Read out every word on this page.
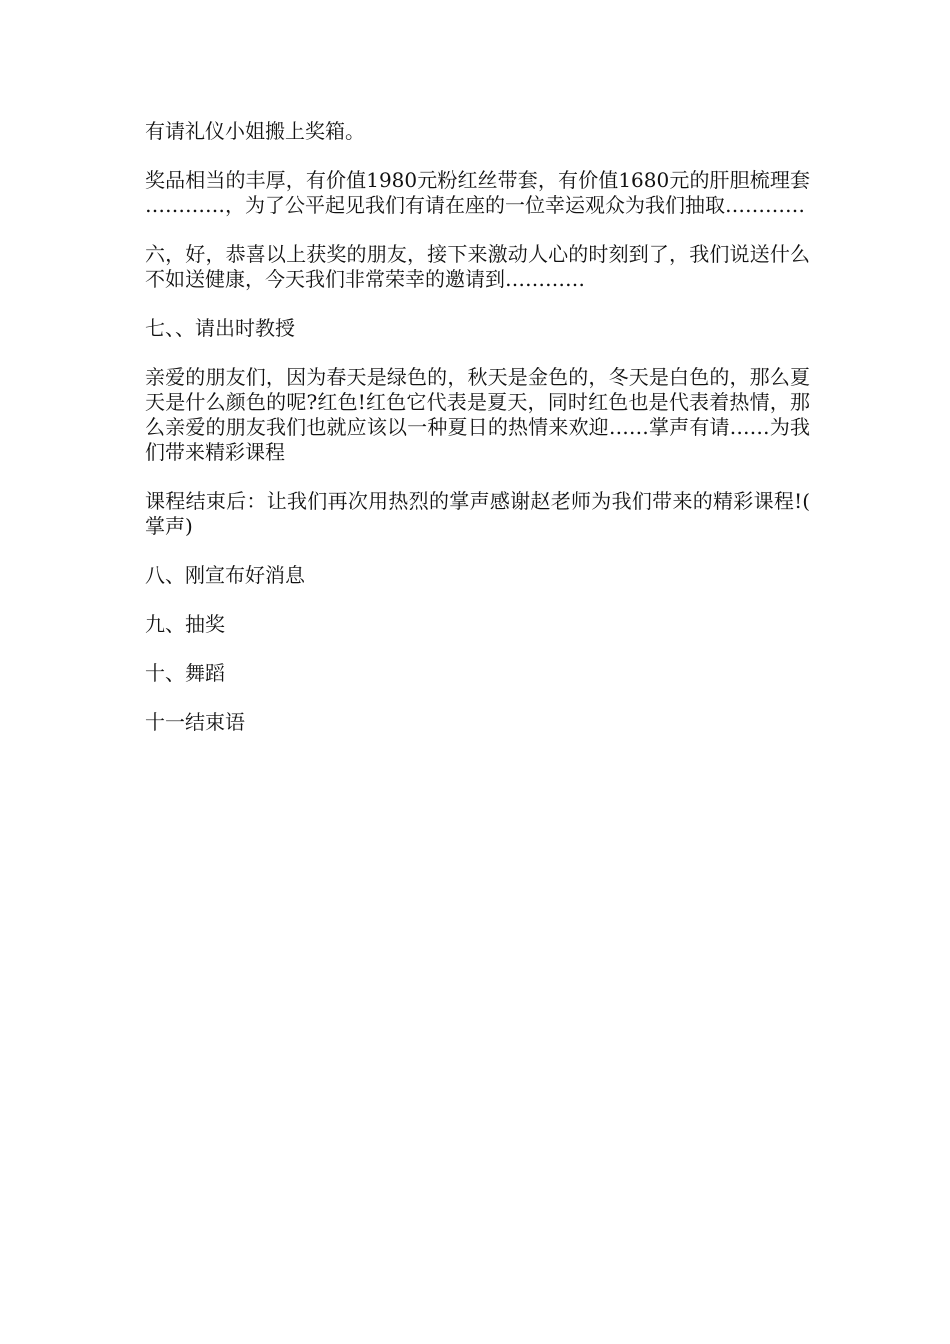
有请礼仪小姐搬上奖箱。

奖品相当的丰厚，有价值1980元粉红丝带套，有价值1680元的肝胆梳理套…………，为了公平起见我们有请在座的一位幸运观众为我们抽取…………

六，好，恭喜以上获奖的朋友，接下来激动人心的时刻到了，我们说送什么不如送健康，今天我们非常荣幸的邀请到…………

七、、请出时教授

亲爱的朋友们，因为春天是绿色的，秋天是金色的，冬天是白色的，那么夏天是什么颜色的呢?红色!红色它代表是夏天，同时红色也是代表着热情，那么亲爱的朋友我们也就应该以一种夏日的热情来欢迎……掌声有请……为我们带来精彩课程

课程结束后：让我们再次用热烈的掌声感谢赵老师为我们带来的精彩课程!(掌声)

八、刚宣布好消息

九、抽奖

十、舞蹈

十一结束语
